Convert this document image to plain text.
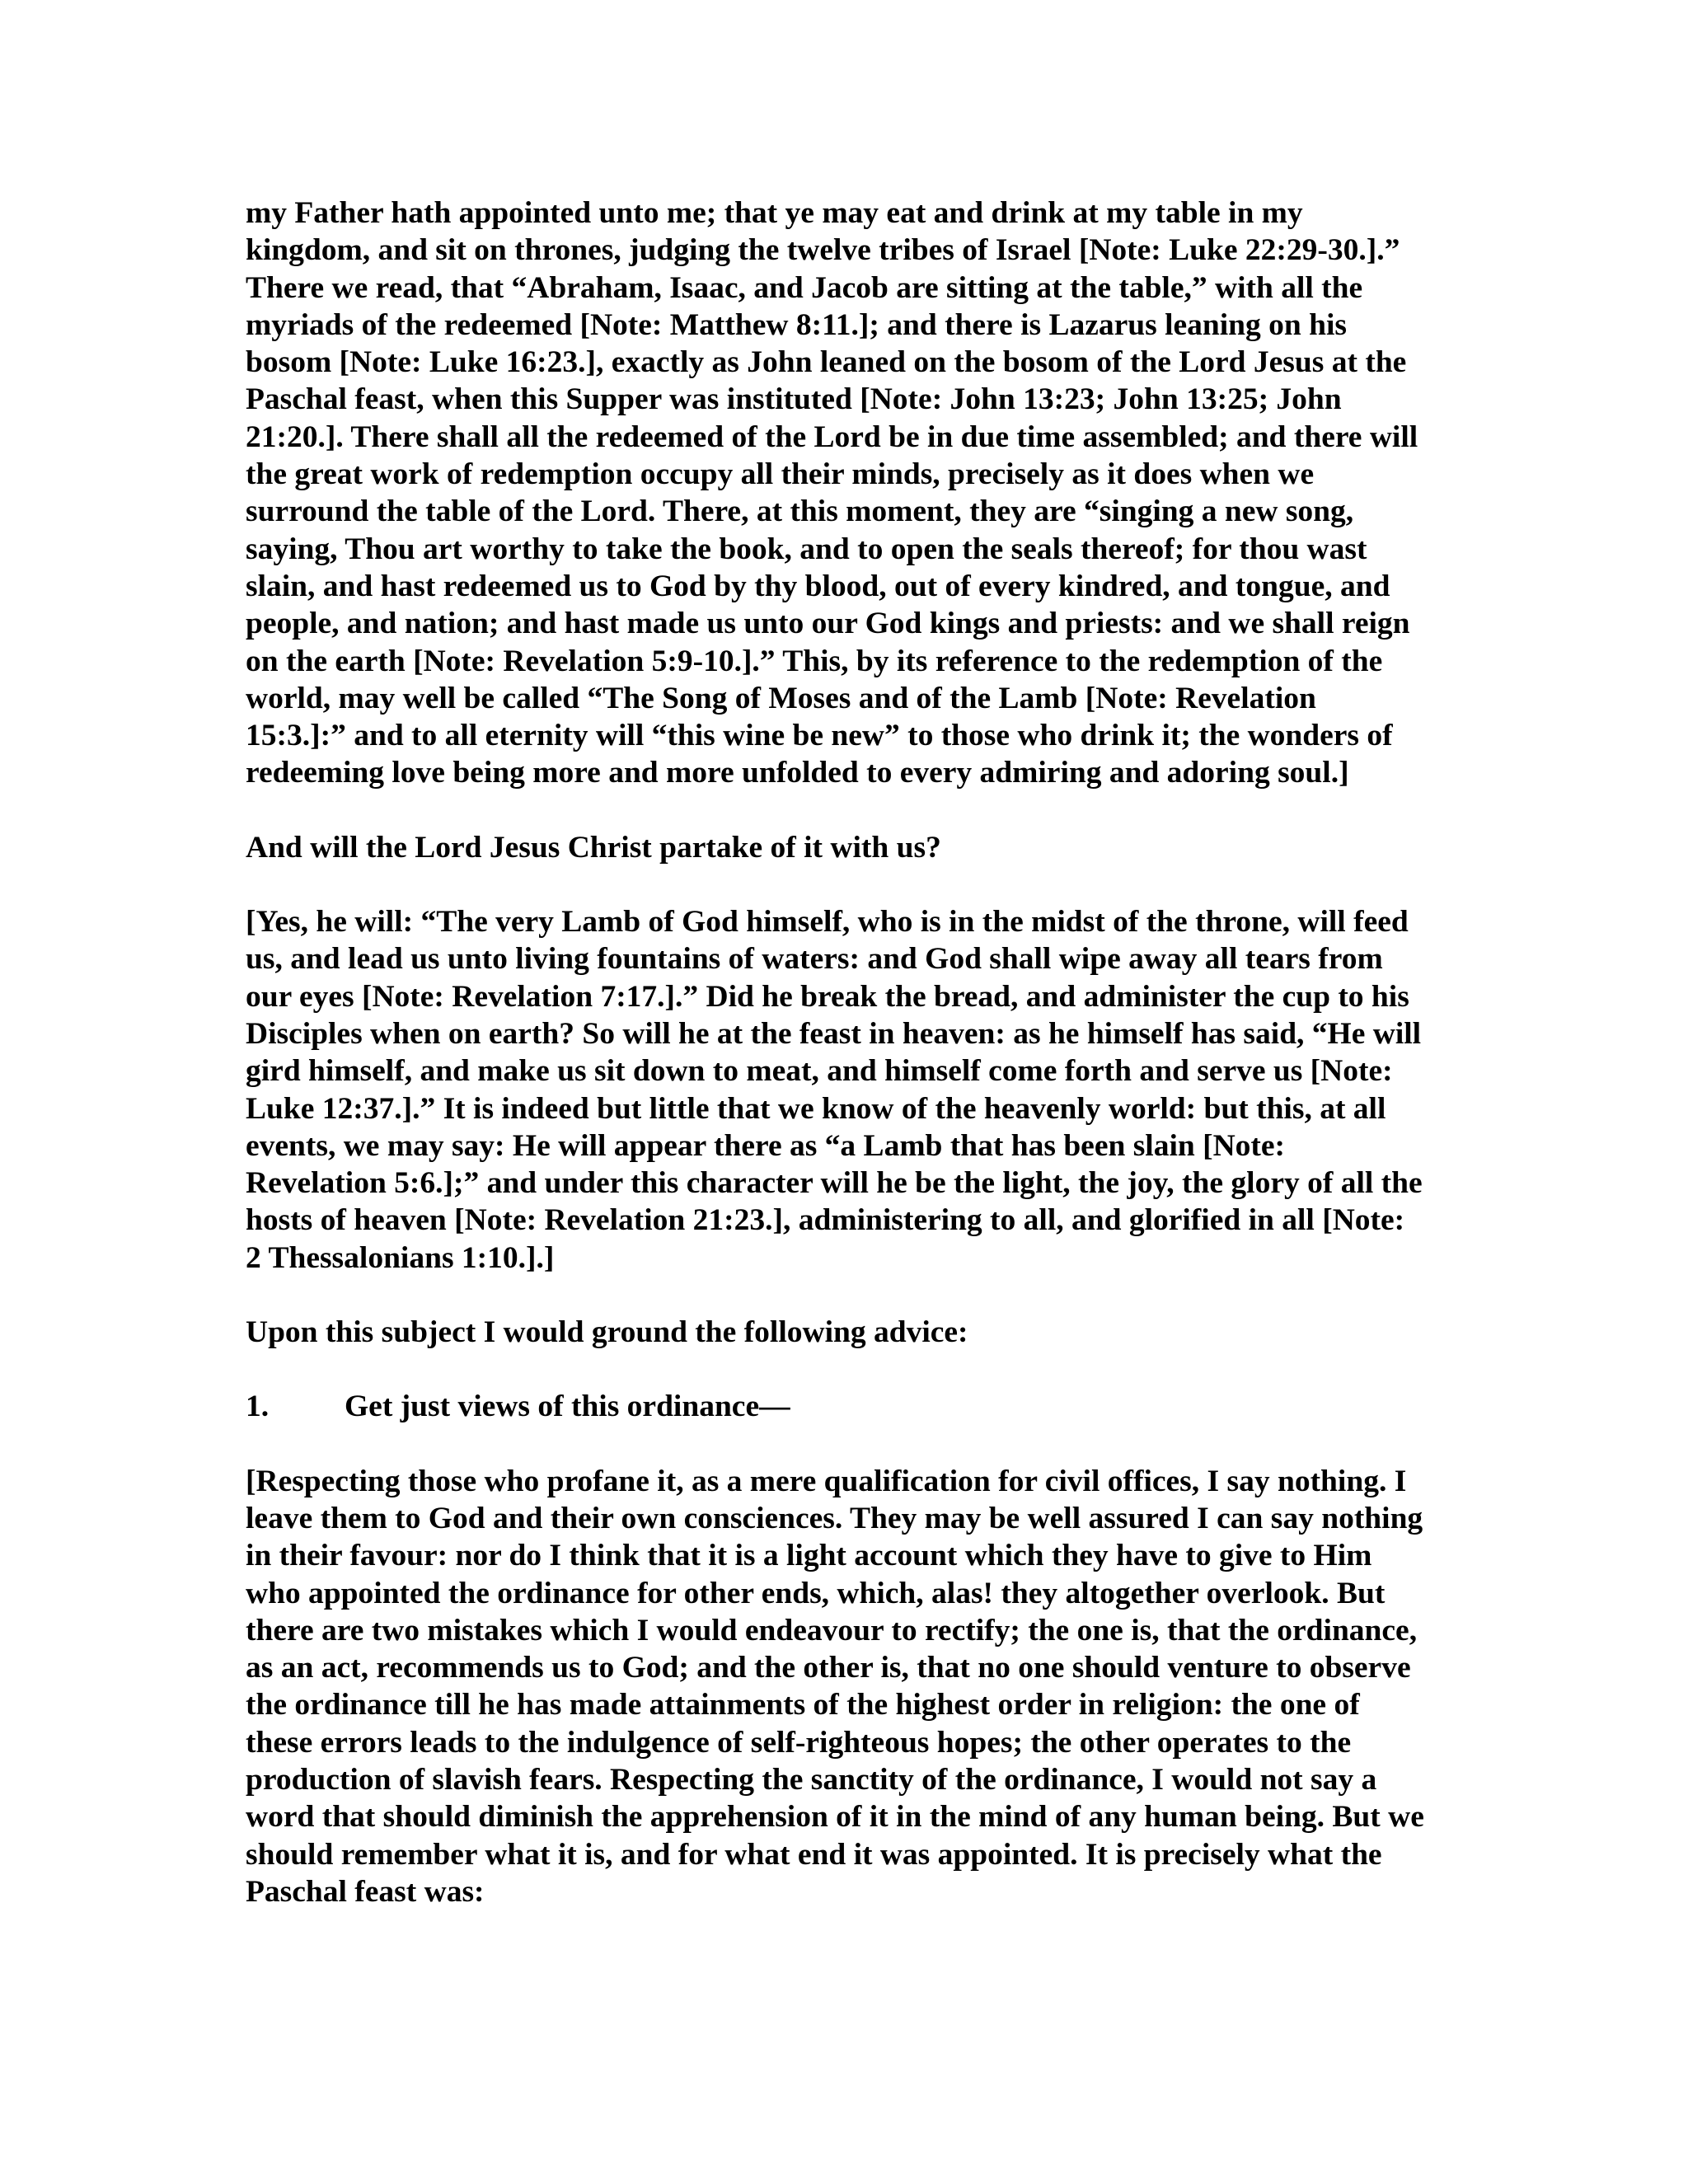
my Father hath appointed unto me; that ye may eat and drink at my table in my kingdom, and sit on thrones, judging the twelve tribes of Israel [Note: Luke 22:29-30.].” There we read, that “Abraham, Isaac, and Jacob are sitting at the table,” with all the myriads of the redeemed [Note: Matthew 8:11.]; and there is Lazarus leaning on his bosom [Note: Luke 16:23.], exactly as John leaned on the bosom of the Lord Jesus at the Paschal feast, when this Supper was instituted [Note: John 13:23; John 13:25; John 21:20.]. There shall all the redeemed of the Lord be in due time assembled; and there will the great work of redemption occupy all their minds, precisely as it does when we surround the table of the Lord. There, at this moment, they are “singing a new song, saying, Thou art worthy to take the book, and to open the seals thereof; for thou wast slain, and hast redeemed us to God by thy blood, out of every kindred, and tongue, and people, and nation; and hast made us unto our God kings and priests: and we shall reign on the earth [Note: Revelation 5:9-10.].” This, by its reference to the redemption of the world, may well be called “The Song of Moses and of the Lamb [Note: Revelation 15:3.]:” and to all eternity will “this wine be new” to those who drink it; the wonders of redeeming love being more and more unfolded to every admiring and adoring soul.]

And will the Lord Jesus Christ partake of it with us?

[Yes, he will: “The very Lamb of God himself, who is in the midst of the throne, will feed us, and lead us unto living fountains of waters: and God shall wipe away all tears from our eyes [Note: Revelation 7:17.].” Did he break the bread, and administer the cup to his Disciples when on earth? So will he at the feast in heaven: as he himself has said, “He will gird himself, and make us sit down to meat, and himself come forth and serve us [Note: Luke 12:37.].” It is indeed but little that we know of the heavenly world: but this, at all events, we may say: He will appear there as “a Lamb that has been slain [Note: Revelation 5:6.];” and under this character will he be the light, the joy, the glory of all the hosts of heaven [Note: Revelation 21:23.], administering to all, and glorified in all [Note: 2 Thessalonians 1:10.].]

Upon this subject I would ground the following advice:

1.	Get just views of this ordinance—

[Respecting those who profane it, as a mere qualification for civil offices, I say nothing. I leave them to God and their own consciences. They may be well assured I can say nothing in their favour: nor do I think that it is a light account which they have to give to Him who appointed the ordinance for other ends, which, alas! they altogether overlook. But there are two mistakes which I would endeavour to rectify; the one is, that the ordinance, as an act, recommends us to God; and the other is, that no one should venture to observe the ordinance till he has made attainments of the highest order in religion: the one of these errors leads to the indulgence of self-righteous hopes; the other operates to the production of slavish fears. Respecting the sanctity of the ordinance, I would not say a word that should diminish the apprehension of it in the mind of any human being. But we should remember what it is, and for what end it was appointed. It is precisely what the Paschal feast was:
